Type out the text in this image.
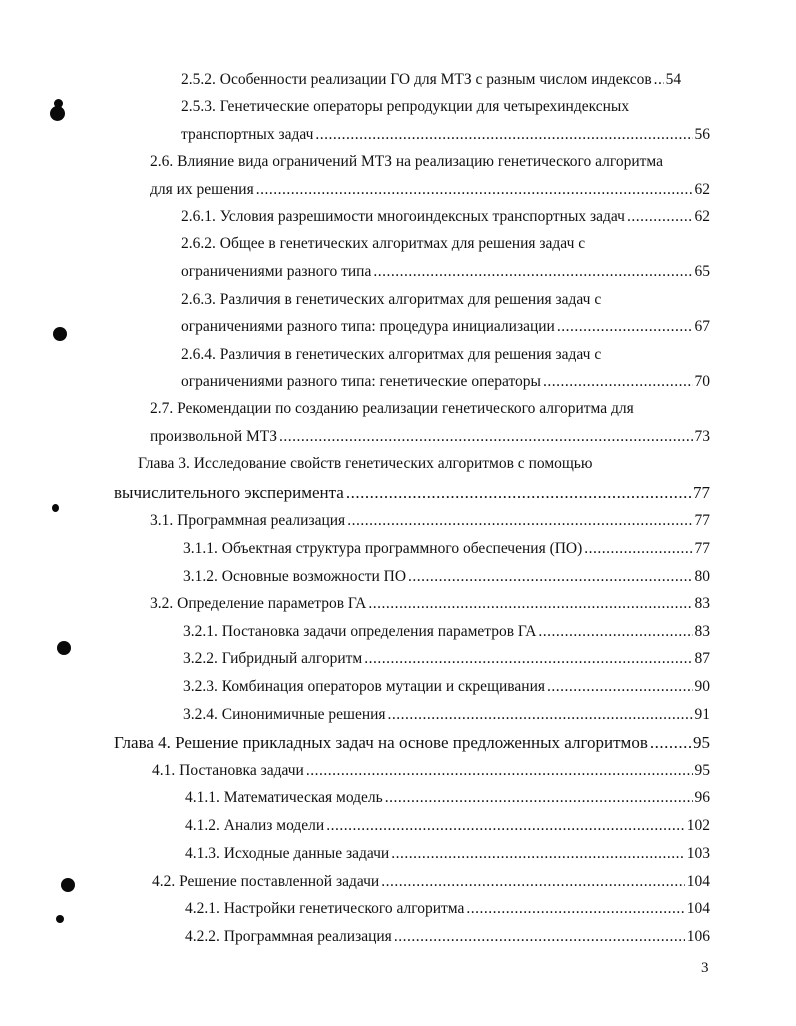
2.5.2. Особенности реализации ГО для МТЗ с разным числом индексов ..... 54
2.5.3. Генетические операторы репродукции для четырехиндексных
транспортных задач .....	56
2.6. Влияние вида ограничений МТЗ на реализацию генетического алгоритма
для их решения .....	62
2.6.1. Условия разрешимости многоиндексных транспортных задач .....	62
2.6.2. Общее в генетических алгоритмах для решения задач с
ограничениями разного типа .....	65
2.6.3. Различия в генетических алгоритмах для решения задач с
ограничениями разного типа: процедура инициализации .....	67
2.6.4. Различия в генетических алгоритмах для решения задач с
ограничениями разного типа: генетические операторы .....	70
2.7. Рекомендации по созданию реализации генетического алгоритма для
произвольной МТЗ .....	73
Глава 3. Исследование свойств генетических алгоритмов с помощью
вычислительного эксперимента .....	77
3.1. Программная реализация .....	77
3.1.1. Объектная структура программного обеспечения (ПО) .....	77
3.1.2. Основные возможности ПО .....	80
3.2. Определение параметров ГА .....	83
3.2.1. Постановка задачи определения параметров ГА .....	83
3.2.2. Гибридный алгоритм .....	87
3.2.3. Комбинация операторов мутации и скрещивания .....	90
3.2.4. Синонимичные решения .....	91
Глава 4. Решение прикладных задач на основе предложенных алгоритмов .....	95
4.1. Постановка задачи .....	95
4.1.1. Математическая модель .....	96
4.1.2. Анализ модели .....	102
4.1.3. Исходные данные задачи .....	103
4.2. Решение поставленной задачи .....	104
4.2.1. Настройки генетического алгоритма .....	104
4.2.2. Программная реализация .....	106
3
